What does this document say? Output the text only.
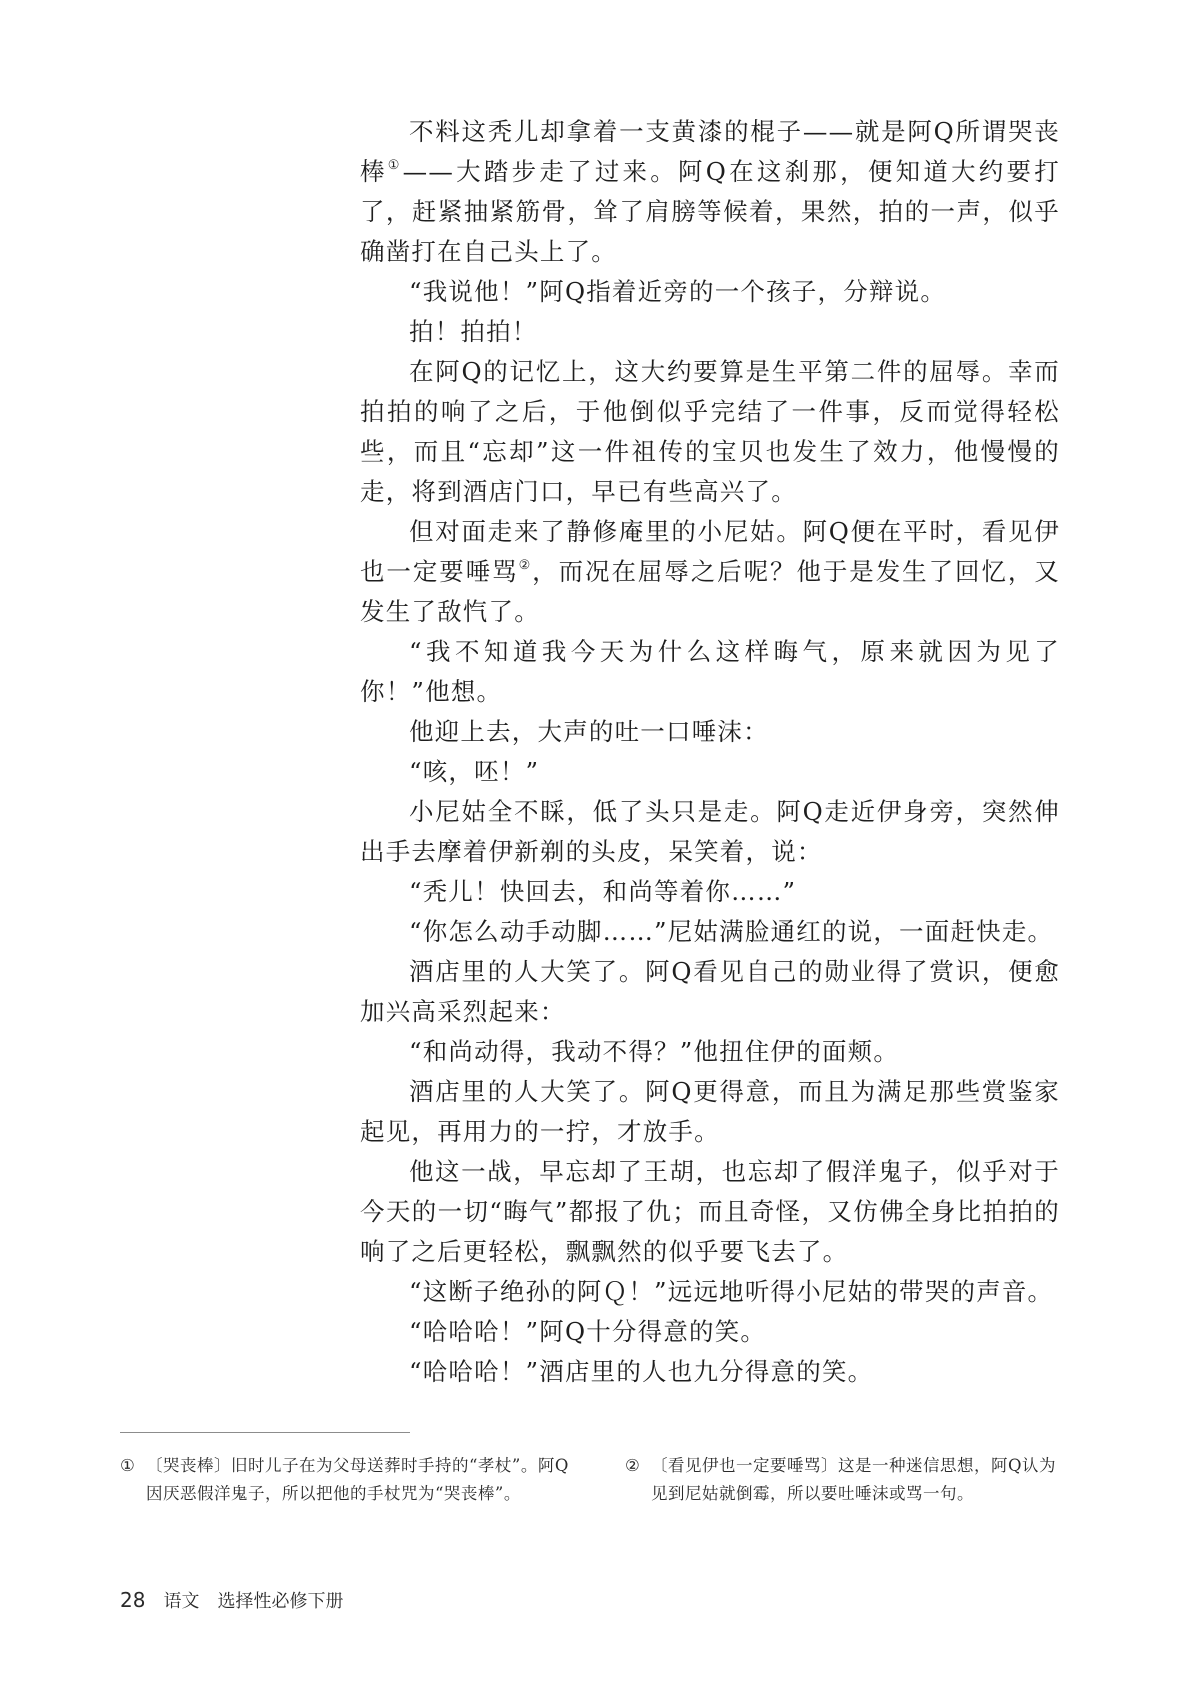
不料这秃儿却拿着一支黄漆的棍子——就是阿Q所谓哭丧棒①——大踏步走了过来。阿Q在这刹那，便知道大约要打了，赶紧抽紧筋骨，耸了肩膀等候着，果然，拍的一声，似乎确凿打在自己头上了。

“我说他！”阿Q指着近旁的一个孩子，分辩说。

拍！拍拍！

在阿Q的记忆上，这大约要算是生平第二件的屈辱。幸而拍拍的响了之后，于他倒似乎完结了一件事，反而觉得轻松些，而且“忘却”这一件祖传的宝贝也发生了效力，他慢慢的走，将到酒店门口，早已有些高兴了。

但对面走来了静修庵里的小尼姑。阿Q便在平时，看见伊也一定要唾骂②，而况在屈辱之后呢？他于是发生了回忆，又发生了敌忾了。

“我不知道我今天为什么这样晦气，原来就因为见了你！”他想。

他迎上去，大声的吐一口唾沫：

“咳，呸！”

小尼姑全不睬，低了头只是走。阿Q走近伊身旁，突然伸出手去摩着伊新剃的头皮，呆笑着，说：

“秃儿！快回去，和尚等着你……”

“你怎么动手动脚……”尼姑满脸通红的说，一面赶快走。

酒店里的人大笑了。阿Q看见自己的勋业得了赏识，便愈加兴高采烈起来：

“和尚动得，我动不得？”他扭住伊的面颊。

酒店里的人大笑了。阿Q更得意，而且为满足那些赏鉴家起见，再用力的一拧，才放手。

他这一战，早忘却了王胡，也忘却了假洋鬼子，似乎对于今天的一切“晦气”都报了仇；而且奇怪，又仿佛全身比拍拍的响了之后更轻松，飘飘然的似乎要飞去了。

“这断子绝孙的阿Ｑ！”远远地听得小尼姑的带哭的声音。

“哈哈哈！”阿Q十分得意的笑。

“哈哈哈！”酒店里的人也九分得意的笑。

① 〔哭丧棒〕旧时儿子在为父母送葬时手持的“孝杖”。阿Q因厌恶假洋鬼子，所以把他的手杖咒为“哭丧棒”。
② 〔看见伊也一定要唾骂〕这是一种迷信思想，阿Q认为见到尼姑就倒霉，所以要吐唾沫或骂一句。
28 语文 选择性必修下册
